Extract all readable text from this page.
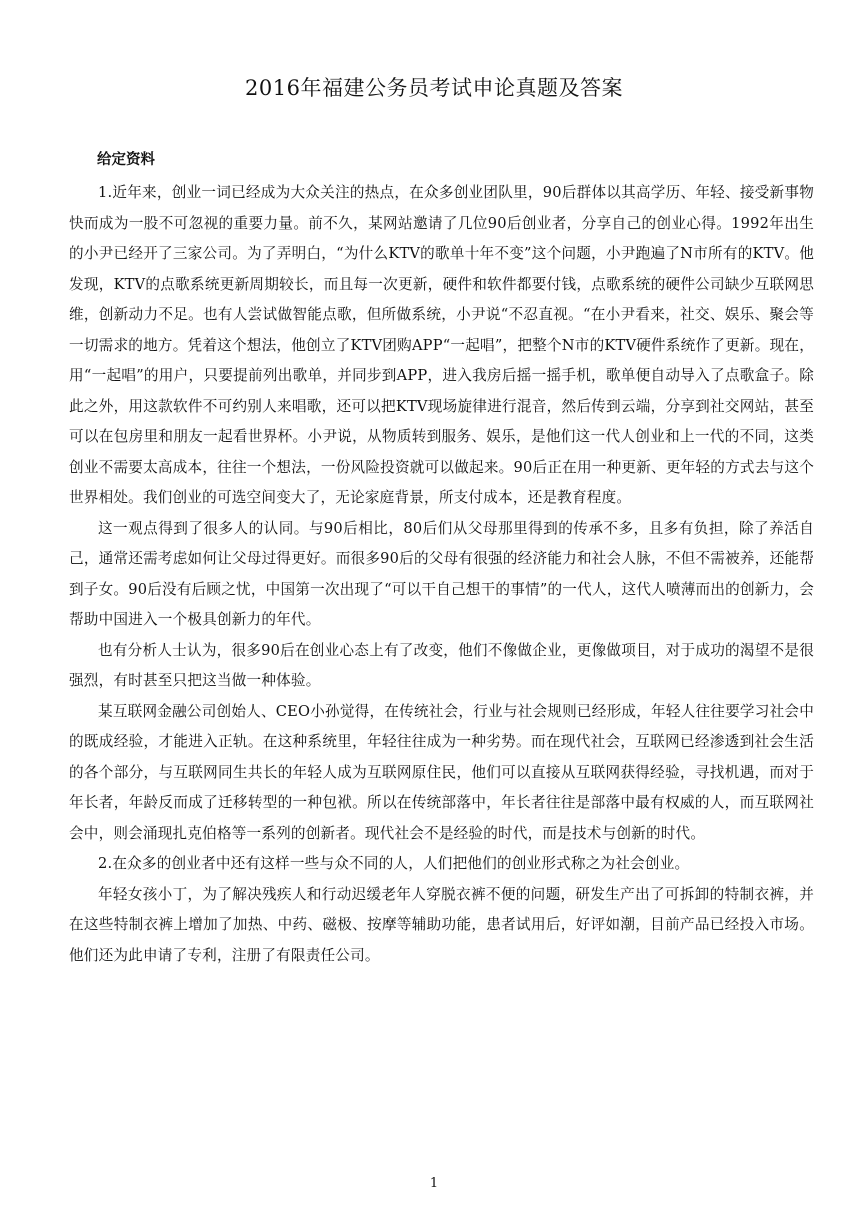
2016年福建公务员考试申论真题及答案
给定资料

1.近年来，创业一词已经成为大众关注的热点，在众多创业团队里，90后群体以其高学历、年轻、接受新事物快而成为一股不可忽视的重要力量。前不久，某网站邀请了几位90后创业者，分享自己的创业心得。1992年出生的小尹已经开了三家公司。为了弄明白，“为什么KTV的歌单十年不变”这个问题，小尹跑遍了N市所有的KTV。他发现，KTV的点歌系统更新周期较长，而且每一次更新，硬件和软件都要付钱，点歌系统的硬件公司缺少互联网思维，创新动力不足。也有人尝试做智能点歌，但所做系统，小尹说“不忍直视。“在小尹看来，社交、娱乐、聚会等一切需求的地方。凭着这个想法，他创立了KTV团购APP“一起唱”，把整个N市的KTV硬件系统作了更新。现在，用“一起唱”的用户，只要提前列出歌单，并同步到APP，进入我房后摇一摇手机，歌单便自动导入了点歌盒子。除此之外，用这款软件不可约别人来唱歌，还可以把KTV现场旋律进行混音，然后传到云端，分享到社交网站，甚至可以在包房里和朋友一起看世界杯。小尹说，从物质转到服务、娱乐，是他们这一代人创业和上一代的不同，这类创业不需要太高成本，往往一个想法，一份风险投资就可以做起来。90后正在用一种更新、更年轻的方式去与这个世界相处。我们创业的可选空间变大了，无论家庭背景，所支付成本，还是教育程度。

这一观点得到了很多人的认同。与90后相比，80后们从父母那里得到的传承不多，且多有负担，除了养活自己，通常还需考虑如何让父母过得更好。而很多90后的父母有很强的经济能力和社会人脉，不但不需被养，还能帮到子女。90后没有后顾之忧，中国第一次出现了“可以干自己想干的事情”的一代人，这代人喷薄而出的创新力，会帮助中国进入一个极具创新力的年代。

也有分析人士认为，很多90后在创业心态上有了改变，他们不像做企业，更像做项目，对于成功的渴望不是很强烈，有时甚至只把这当做一种体验。

某互联网金融公司创始人、CEO小孙觉得，在传统社会，行业与社会规则已经形成，年轻人往往要学习社会中的既成经验，才能进入正轨。在这种系统里，年轻往往成为一种劣势。而在现代社会，互联网已经渗透到社会生活的各个部分，与互联网同生共长的年轻人成为互联网原住民，他们可以直接从互联网获得经验，寻找机遇，而对于年长者，年龄反而成了迁移转型的一种包袱。所以在传统部落中，年长者往往是部落中最有权威的人，而互联网社会中，则会涌现扎克伯格等一系列的创新者。现代社会不是经验的时代，而是技术与创新的时代。

2.在众多的创业者中还有这样一些与众不同的人，人们把他们的创业形式称之为社会创业。

年轻女孩小丁，为了解决残疾人和行动迟缓老年人穿脱衣裤不便的问题，研发生产出了可拆卸的特制衣裤，并在这些特制衣裤上增加了加热、中药、磁极、按摩等辅助功能，患者试用后，好评如潮，目前产品已经投入市场。他们还为此申请了专利，注册了有限责任公司。

1
